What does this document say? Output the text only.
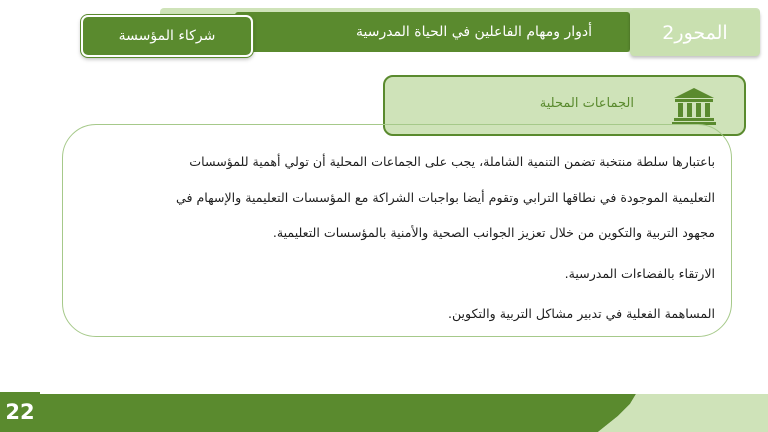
أدوار ومهام الفاعلين في الحياة المدرسية	المحور2
شركاء المؤسسة
الجماعات المحلية

باعتبارها سلطة منتخبة تضمن التنمية الشاملة، يجب على الجماعات المحلية أن تولي أهمية للمؤسسات

التعليمية الموجودة في نطاقها الترابي وتقوم أيضا بواجبات الشراكة مع المؤسسات التعليمية والإسهام في

مجهود التربية والتكوين من خلال تعزيز الجوانب الصحية والأمنية بالمؤسسات التعليمية.

الارتقاء بالفضاءات المدرسية.

المساهمة الفعلية في تدبير مشاكل التربية والتكوين.

22
